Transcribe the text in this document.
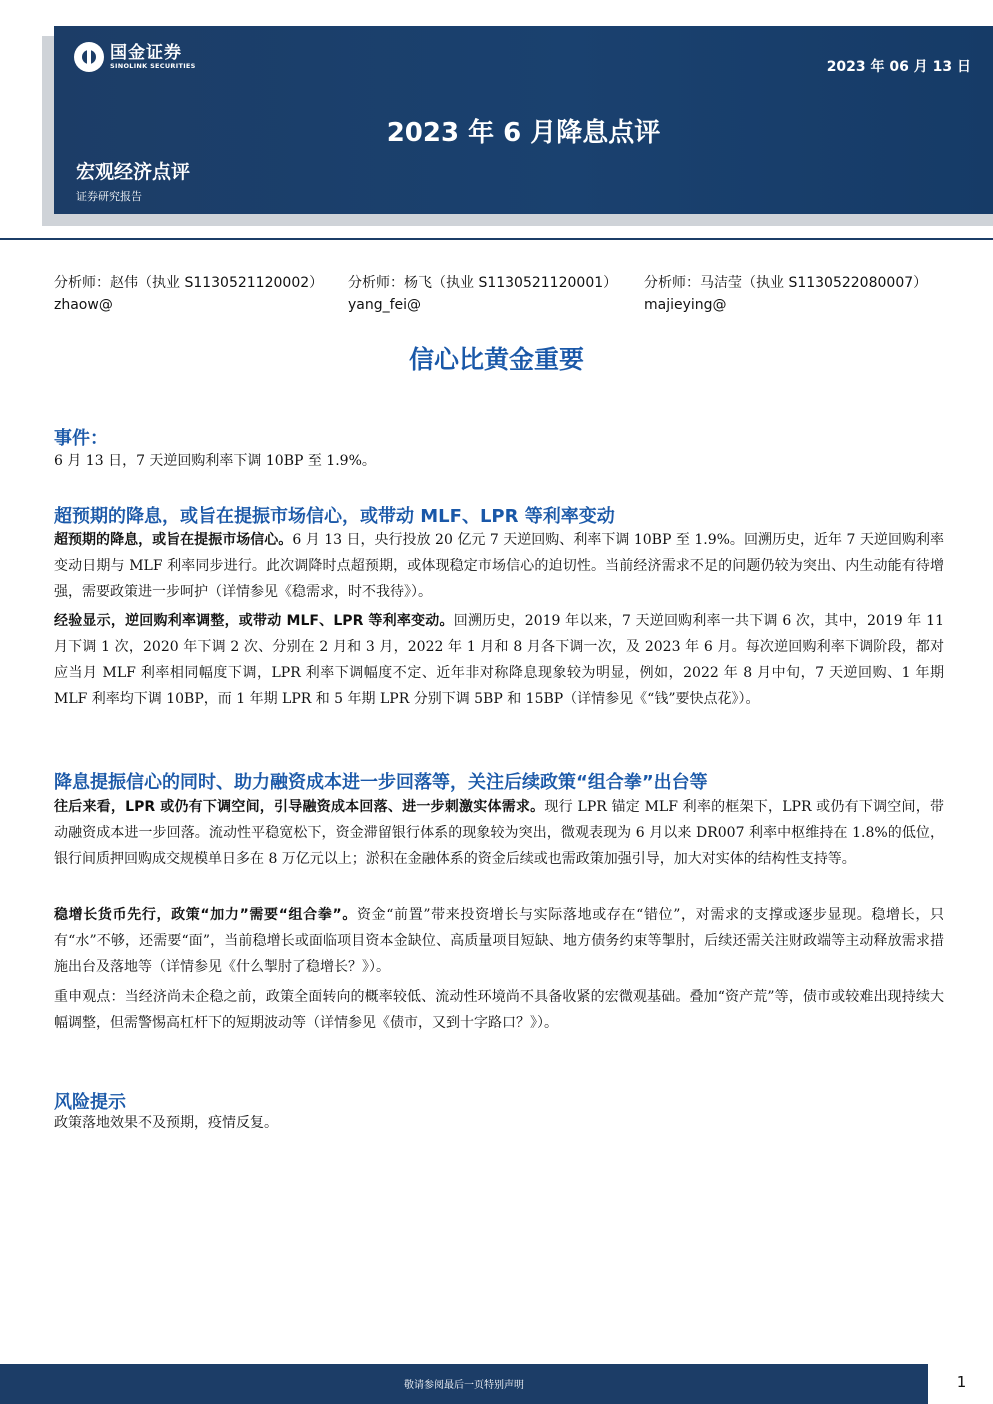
国金证券
SINOLINK SECURITIES	2023 年 06 月 13 日
2023 年 6 月降息点评
宏观经济点评
证券研究报告
分析师：赵伟（执业 S1130521120002）
zhaow@
分析师：杨飞（执业 S1130521120001）
yang_fei@
分析师：马洁莹（执业 S1130522080007）
majieying@
信心比黄金重要
事件：

6 月 13 日，7 天逆回购利率下调 10BP 至 1.9%。

超预期的降息，或旨在提振市场信心，或带动 MLF、LPR 等利率变动

超预期的降息，或旨在提振市场信心。6 月 13 日，央行投放 20 亿元 7 天逆回购、利率下调 10BP 至 1.9%。回溯历史，近年 7 天逆回购利率变动日期与 MLF 利率同步进行。此次调降时点超预期，或体现稳定市场信心的迫切性。当前经济需求不足的问题仍较为突出、内生动能有待增强，需要政策进一步呵护（详情参见《稳需求，时不我待》）。

经验显示，逆回购利率调整，或带动 MLF、LPR 等利率变动。回溯历史，2019 年以来，7 天逆回购利率一共下调 6 次，其中，2019 年 11 月下调 1 次，2020 年下调 2 次、分别在 2 月和 3 月，2022 年 1 月和 8 月各下调一次，及 2023 年 6 月。每次逆回购利率下调阶段，都对应当月 MLF 利率相同幅度下调，LPR 利率下调幅度不定、近年非对称降息现象较为明显，例如，2022 年 8 月中旬，7 天逆回购、1 年期 MLF 利率均下调 10BP，而 1 年期 LPR 和 5 年期 LPR 分别下调 5BP 和 15BP（详情参见《“钱”要快点花》）。

降息提振信心的同时、助力融资成本进一步回落等，关注后续政策“组合拳”出台等

往后来看，LPR 或仍有下调空间，引导融资成本回落、进一步刺激实体需求。现行 LPR 锚定 MLF 利率的框架下，LPR 或仍有下调空间，带动融资成本进一步回落。流动性平稳宽松下，资金滞留银行体系的现象较为突出，微观表现为 6 月以来 DR007 利率中枢维持在 1.8%的低位，银行间质押回购成交规模单日多在 8 万亿元以上；淤积在金融体系的资金后续或也需政策加强引导，加大对实体的结构性支持等。

稳增长货币先行，政策“加力”需要“组合拳”。资金“前置”带来投资增长与实际落地或存在“错位”，对需求的支撑或逐步显现。稳增长，只有“水”不够，还需要“面”，当前稳增长或面临项目资本金缺位、高质量项目短缺、地方债务约束等掣肘，后续还需关注财政端等主动释放需求措施出台及落地等（详情参见《什么掣肘了稳增长？》）。

重申观点：当经济尚未企稳之前，政策全面转向的概率较低、流动性环境尚不具备收紧的宏微观基础。叠加“资产荒”等，债市或较难出现持续大幅调整，但需警惕高杠杆下的短期波动等（详情参见《债市，又到十字路口？》）。

风险提示

政策落地效果不及预期，疫情反复。

敬请参阅最后一页特别声明	1
